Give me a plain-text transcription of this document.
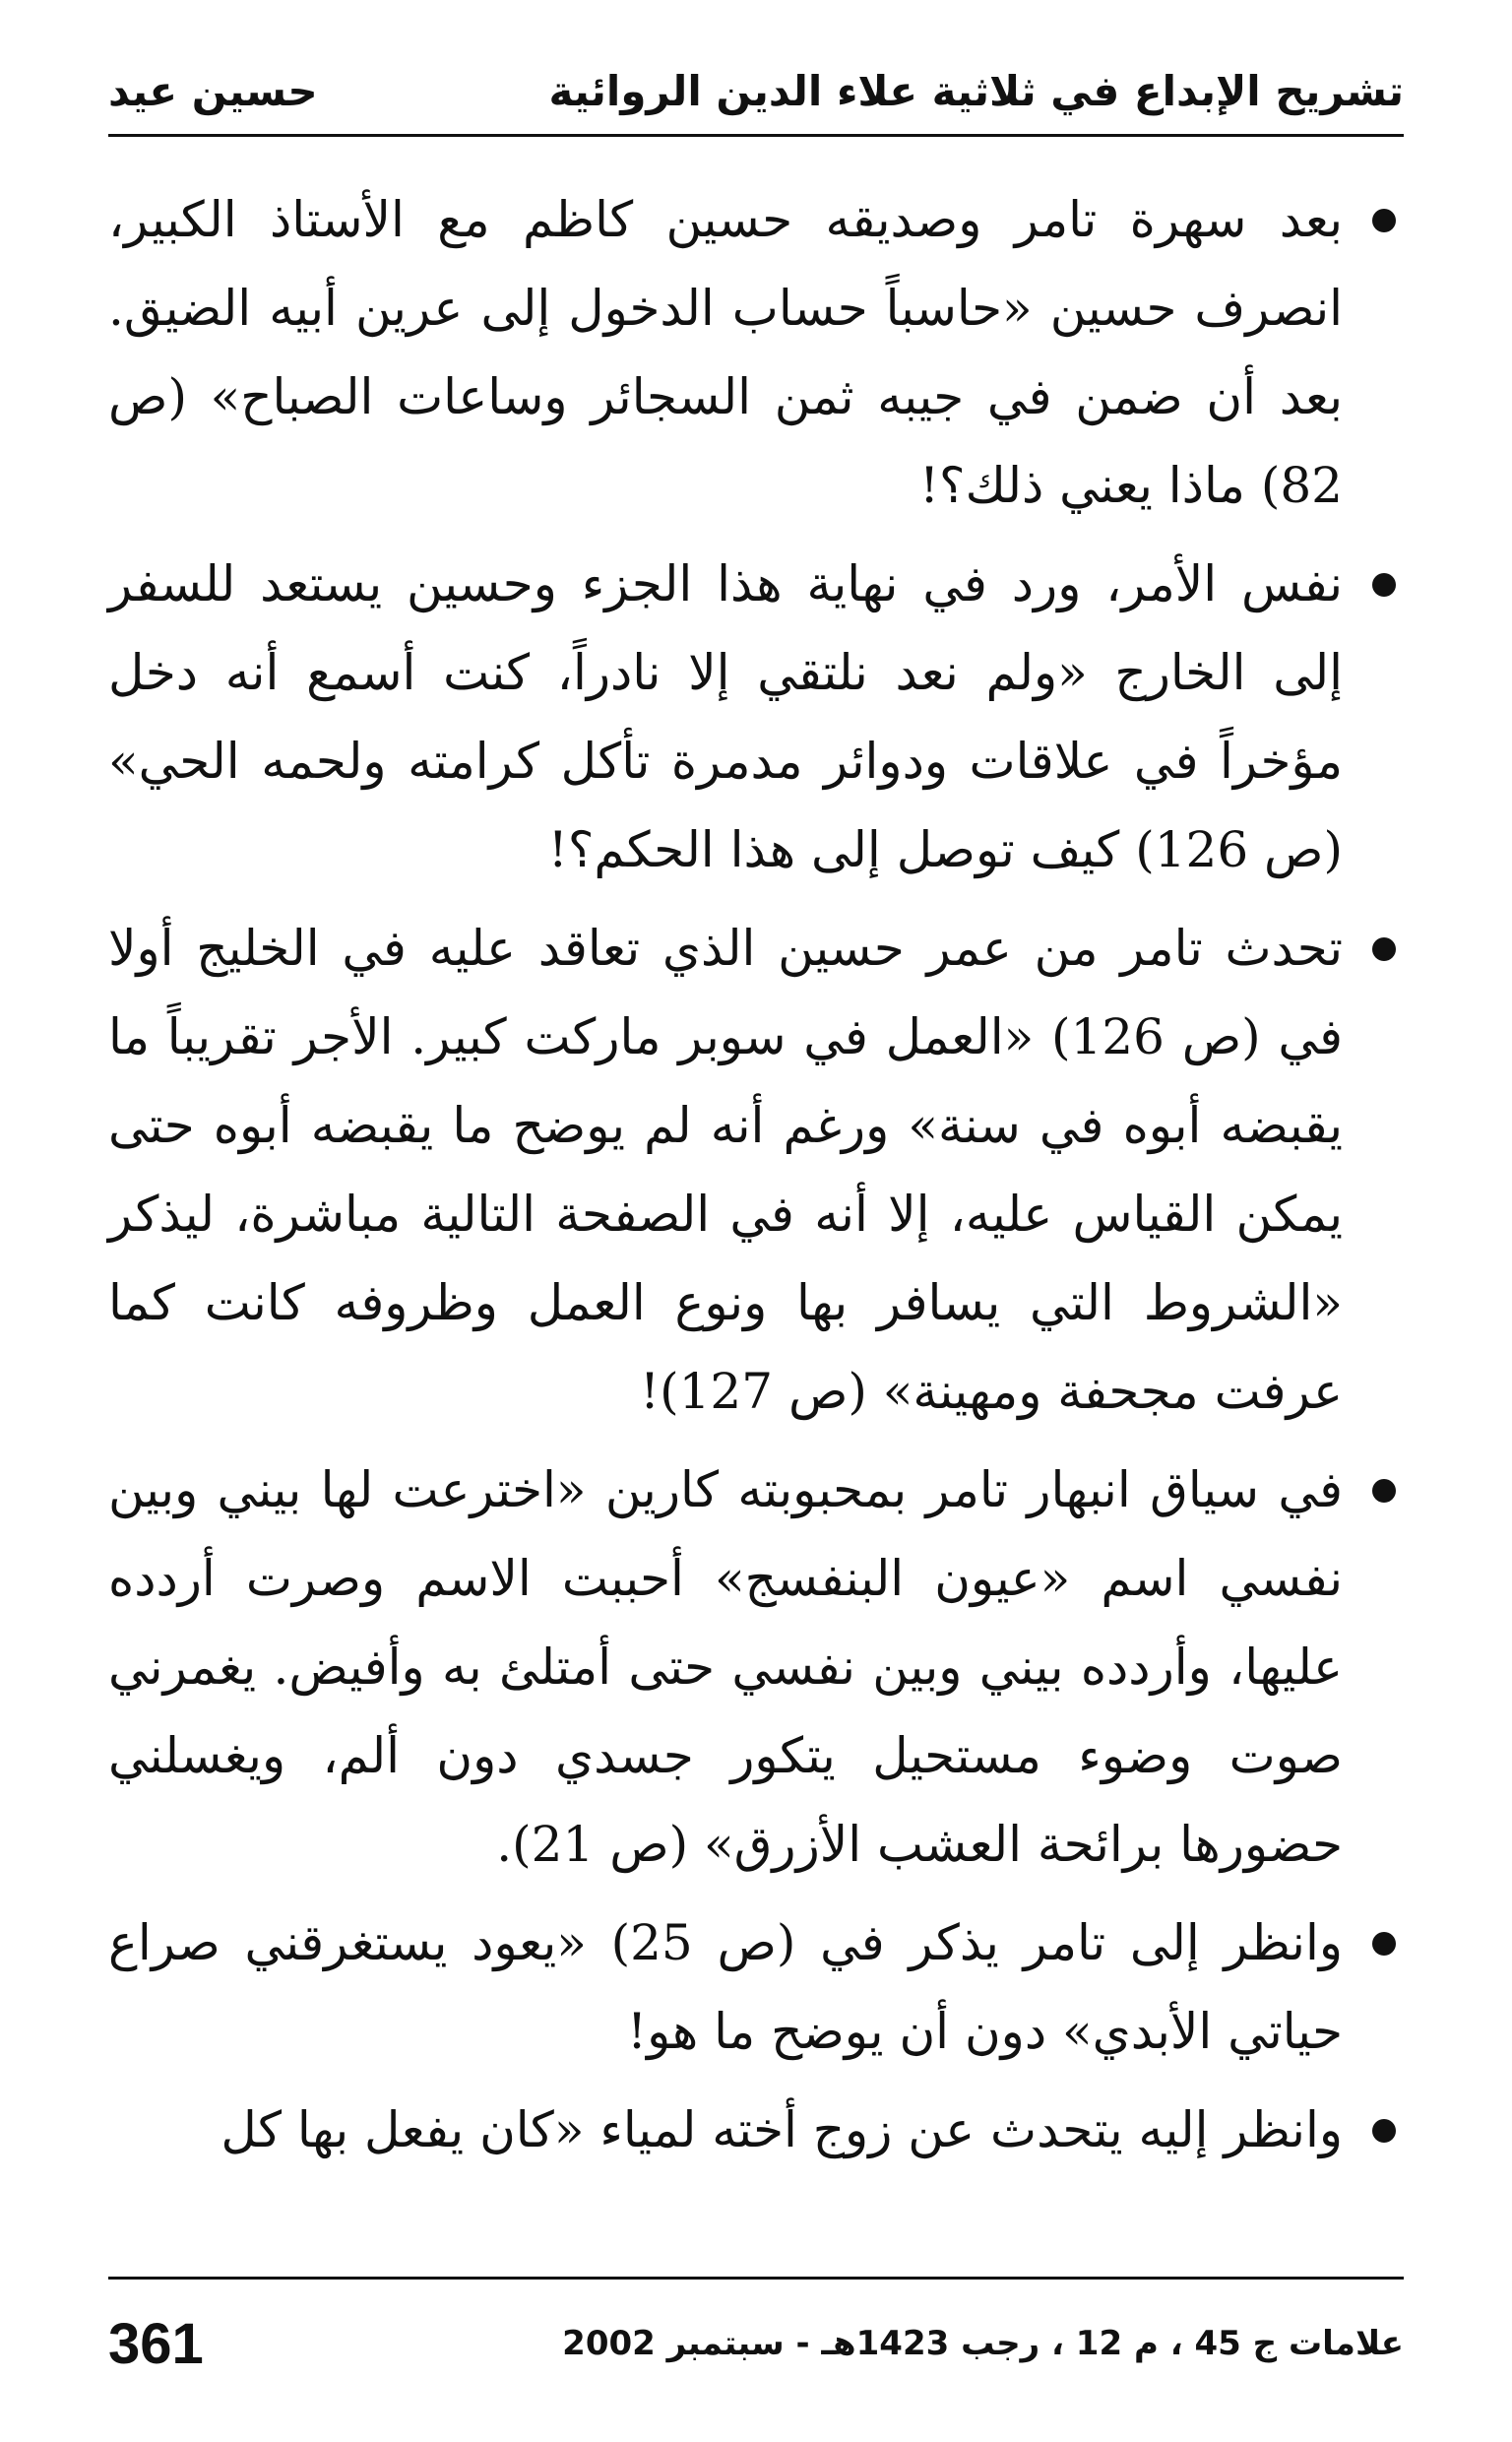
تشريح الإبداع في ثلاثية علاء الدين الروائية
حسين عيد
بعد سهرة تامر وصديقه حسين كاظم مع الأستاذ الكبير، انصرف حسين «حاسباً حساب الدخول إلى عرين أبيه الضيق. بعد أن ضمن في جيبه ثمن السجائر وساعات الصباح» (ص 82) ماذا يعني ذلك؟!
نفس الأمر، ورد في نهاية هذا الجزء وحسين يستعد للسفر إلى الخارج «ولم نعد نلتقي إلا نادراً، كنت أسمع أنه دخل مؤخراً في علاقات ودوائر مدمرة تأكل كرامته ولحمه الحي» (ص 126) كيف توصل إلى هذا الحكم؟!
تحدث تامر من عمر حسين الذي تعاقد عليه في الخليج أولا في (ص 126) «العمل في سوبر ماركت كبير. الأجر تقريباً ما يقبضه أبوه في سنة» ورغم أنه لم يوضح ما يقبضه أبوه حتى يمكن القياس عليه، إلا أنه في الصفحة التالية مباشرة، ليذكر «الشروط التي يسافر بها ونوع العمل وظروفه كانت كما عرفت مجحفة ومهينة» (ص 127)!
في سياق انبهار تامر بمحبوبته كارين «اخترعت لها بيني وبين نفسي اسم «عيون البنفسج» أحببت الاسم وصرت أردده عليها، وأردده بيني وبين نفسي حتى أمتلئ به وأفيض. يغمرني صوت وضوء مستحيل يتكور جسدي دون ألم، ويغسلني حضورها برائحة العشب الأزرق» (ص 21).
وانظر إلى تامر يذكر في (ص 25) «يعود يستغرقني صراع حياتي الأبدي» دون أن يوضح ما هو!
وانظر إليه يتحدث عن زوج أخته لمياء «كان يفعل بها كل
علامات ج 45 ، م 12 ، رجب 1423هـ - سبتمبر 2002
361
